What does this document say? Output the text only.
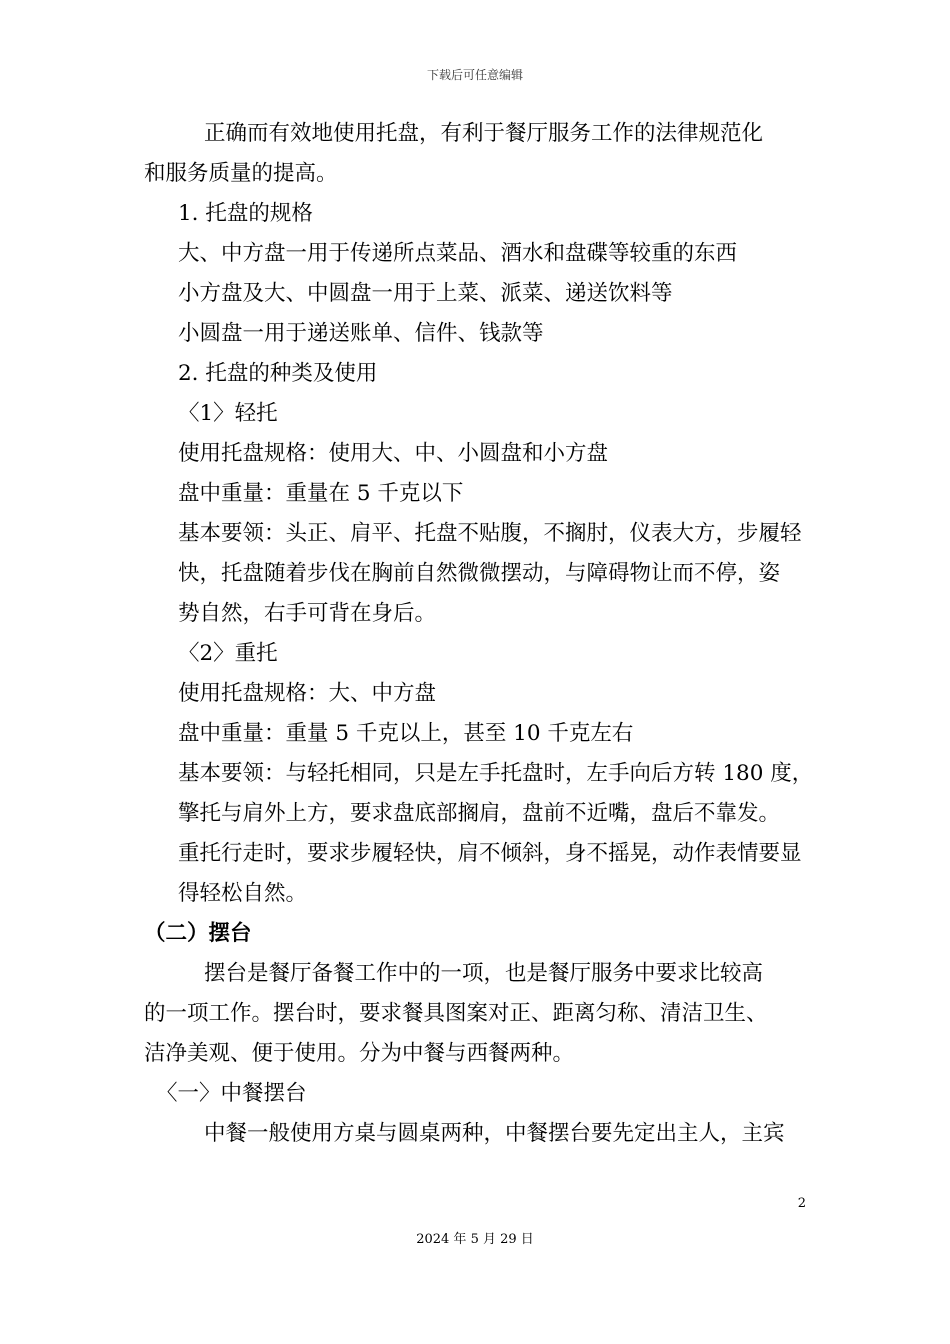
下载后可任意编辑
正确而有效地使用托盘，有利于餐厅服务工作的法律规范化
和服务质量的提高。
1. 托盘的规格
大、中方盘一用于传递所点菜品、酒水和盘碟等较重的东西
小方盘及大、中圆盘一用于上菜、派菜、递送饮料等
小圆盘一用于递送账单、信件、钱款等
2. 托盘的种类及使用
〈1〉轻托
使用托盘规格：使用大、中、小圆盘和小方盘
盘中重量：重量在 5 千克以下
基本要领：头正、肩平、托盘不贴腹，不搁肘，仪表大方，步履轻
快，托盘随着步伐在胸前自然微微摆动，与障碍物让而不停，姿
势自然，右手可背在身后。
〈2〉重托
使用托盘规格：大、中方盘
盘中重量：重量 5 千克以上，甚至 10 千克左右
基本要领：与轻托相同，只是左手托盘时，左手向后方转 180 度，
擎托与肩外上方，要求盘底部搁肩，盘前不近嘴，盘后不靠发。
重托行走时，要求步履轻快，肩不倾斜，身不摇晃，动作表情要显
得轻松自然。
（二）摆台
摆台是餐厅备餐工作中的一项，也是餐厅服务中要求比较高
的一项工作。摆台时，要求餐具图案对正、距离匀称、清洁卫生、
洁净美观、便于使用。分为中餐与西餐两种。
〈一〉中餐摆台
中餐一般使用方桌与圆桌两种，中餐摆台要先定出主人，主宾
2
2024 年 5 月 29 日
